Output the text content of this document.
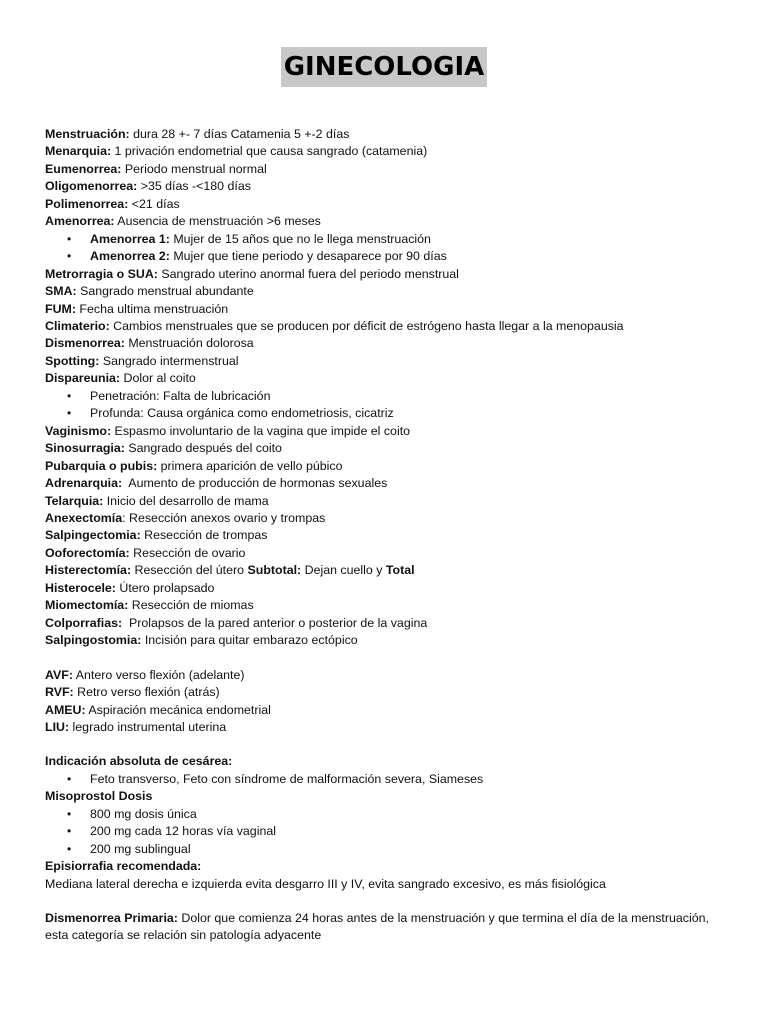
GINECOLOGIA
Menstruación: dura 28 +- 7 días Catamenia 5 +-2 días
Menarquia: 1 privación endometrial que causa sangrado (catamenia)
Eumenorrea: Periodo menstrual normal
Oligomenorrea: >35 días -<180 días
Polimenorrea: <21 días
Amenorrea: Ausencia de menstruación >6 meses
• Amenorrea 1: Mujer de 15 años que no le llega menstruación
• Amenorrea 2: Mujer que tiene periodo y desaparece por 90 días
Metrorragia o SUA: Sangrado uterino anormal fuera del periodo menstrual
SMA: Sangrado menstrual abundante
FUM: Fecha ultima menstruación
Climaterio: Cambios menstruales que se producen por déficit de estrógeno hasta llegar a la menopausia
Dismenorrea: Menstruación dolorosa
Spotting: Sangrado intermenstrual
Dispareunia: Dolor al coito
• Penetración: Falta de lubricación
• Profunda: Causa orgánica como endometriosis, cicatriz
Vaginismo: Espasmo involuntario de la vagina que impide el coito
Sinosurragia: Sangrado después del coito
Pubarquia o pubis: primera aparición de vello púbico
Adrenarquia:  Aumento de producción de hormonas sexuales
Telarquia: Inicio del desarrollo de mama
Anexectomía: Resección anexos ovario y trompas
Salpingectomia: Resección de trompas
Ooforectomía: Resección de ovario
Histerectomía: Resección del útero Subtotal: Dejan cuello y Total
Histerocele: Útero prolapsado
Miomectomía: Resección de miomas
Colporrafias:  Prolapsos de la pared anterior o posterior de la vagina
Salpingostomia: Incisión para quitar embarazo ectópico
AVF: Antero verso flexión (adelante)
RVF: Retro verso flexión (atrás)
AMEU: Aspiración mecánica endometrial
LIU: legrado instrumental uterina
Indicación absoluta de cesárea:
• Feto transverso, Feto con síndrome de malformación severa, Siameses
Misoprostol Dosis
• 800 mg dosis única
• 200 mg cada 12 horas vía vaginal
• 200 mg sublingual
Episiorrafia recomendada:
Mediana lateral derecha e izquierda evita desgarro III y IV, evita sangrado excesivo, es más fisiológica
Dismenorrea Primaria: Dolor que comienza 24 horas antes de la menstruación y que termina el día de la menstruación, esta categoría se relación sin patología adyacente
